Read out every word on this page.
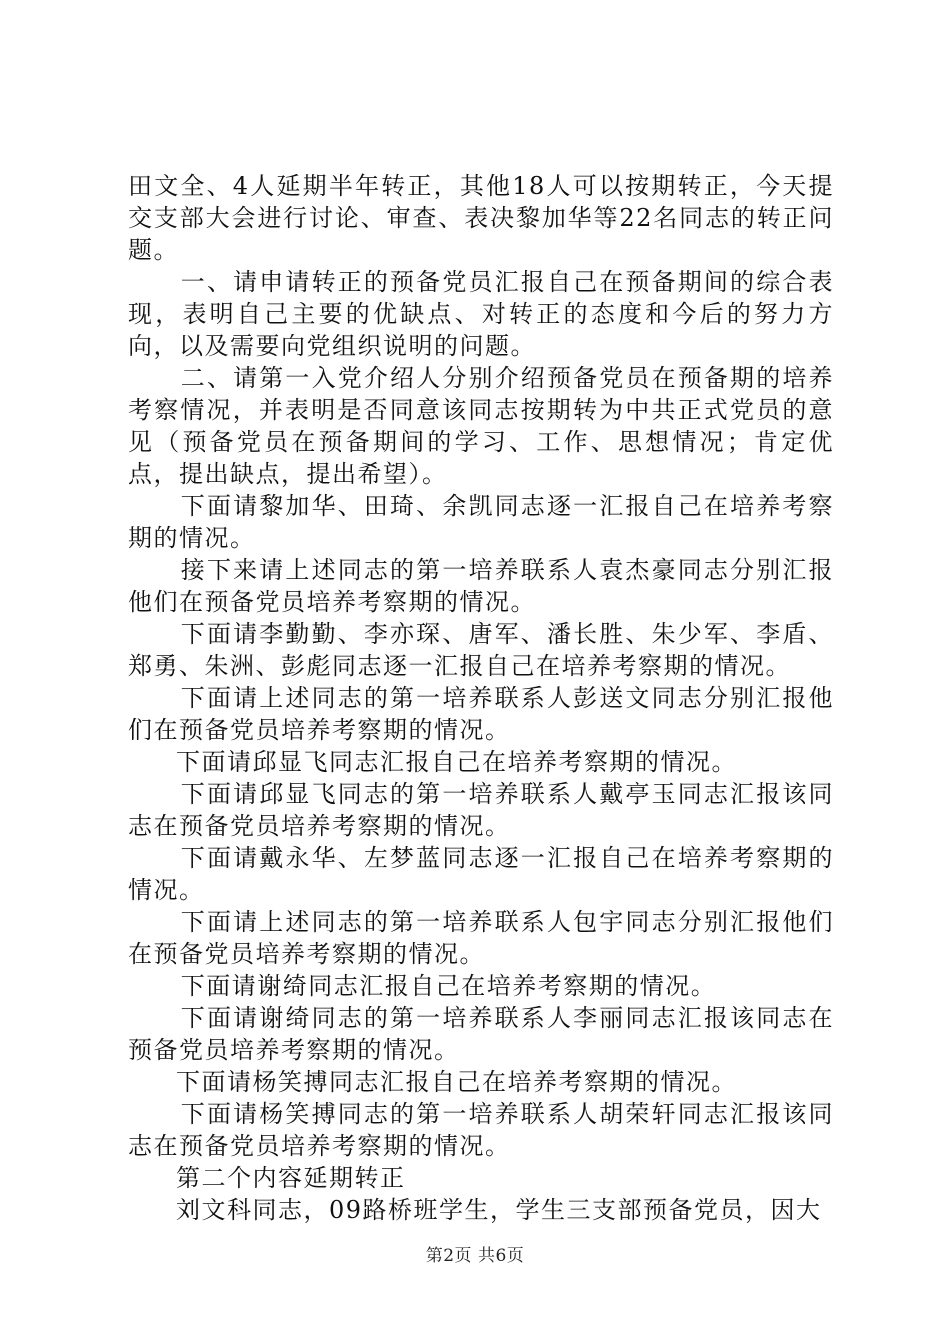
田文全、4人延期半年转正，其他18人可以按期转正，今天提交支部大会进行讨论、审查、表决黎加华等22名同志的转正问题。

一、请申请转正的预备党员汇报自己在预备期间的综合表现，表明自己主要的优缺点、对转正的态度和今后的努力方向，以及需要向党组织说明的问题。

二、请第一入党介绍人分别介绍预备党员在预备期的培养考察情况，并表明是否同意该同志按期转为中共正式党员的意见（预备党员在预备期间的学习、工作、思想情况；肯定优点，提出缺点，提出希望）。

下面请黎加华、田琦、余凯同志逐一汇报自己在培养考察期的情况。

接下来请上述同志的第一培养联系人袁杰豪同志分别汇报他们在预备党员培养考察期的情况。

下面请李勤勤、李亦琛、唐军、潘长胜、朱少军、李盾、郑勇、朱洲、彭彪同志逐一汇报自己在培养考察期的情况。

下面请上述同志的第一培养联系人彭送文同志分别汇报他们在预备党员培养考察期的情况。

下面请邱显飞同志汇报自己在培养考察期的情况。

下面请邱显飞同志的第一培养联系人戴亭玉同志汇报该同志在预备党员培养考察期的情况。

下面请戴永华、左梦蓝同志逐一汇报自己在培养考察期的情况。

下面请上述同志的第一培养联系人包宇同志分别汇报他们在预备党员培养考察期的情况。

下面请谢绮同志汇报自己在培养考察期的情况。

下面请谢绮同志的第一培养联系人李丽同志汇报该同志在预备党员培养考察期的情况。

下面请杨笑搏同志汇报自己在培养考察期的情况。

下面请杨笑搏同志的第一培养联系人胡荣轩同志汇报该同志在预备党员培养考察期的情况。

第二个内容延期转正

刘文科同志，09路桥班学生，学生三支部预备党员，因大

第2页 共6页
